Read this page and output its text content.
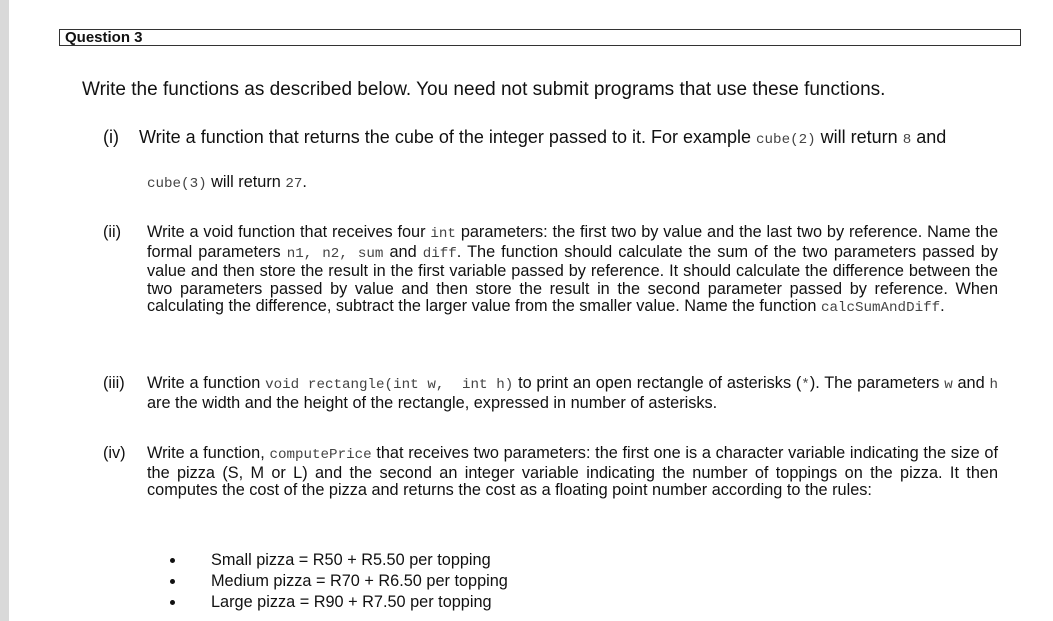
Question 3
Write the functions as described below. You need not submit programs that use these functions.
(i) Write a function that returns the cube of the integer passed to it. For example cube(2) will return 8 and
cube(3) will return 27.
(ii) Write a void function that receives four int parameters: the first two by value and the last two by reference. Name the formal parameters n1, n2, sum and diff. The function should calculate the sum of the two parameters passed by value and then store the result in the first variable passed by reference. It should calculate the difference between the two parameters passed by value and then store the result in the second parameter passed by reference. When calculating the difference, subtract the larger value from the smaller value. Name the function calcSumAndDiff.
(iii) Write a function void rectangle(int w,  int h) to print an open rectangle of asterisks (*). The parameters w and h are the width and the height of the rectangle, expressed in number of asterisks.
(iv) Write a function, computePrice that receives two parameters: the first one is a character variable indicating the size of the pizza (S, M or L) and the second an integer variable indicating the number of toppings on the pizza. It then computes the cost of the pizza and returns the cost as a floating point number according to the rules:
Small pizza = R50 + R5.50 per topping
Medium pizza = R70 + R6.50 per topping
Large pizza = R90 + R7.50 per topping
